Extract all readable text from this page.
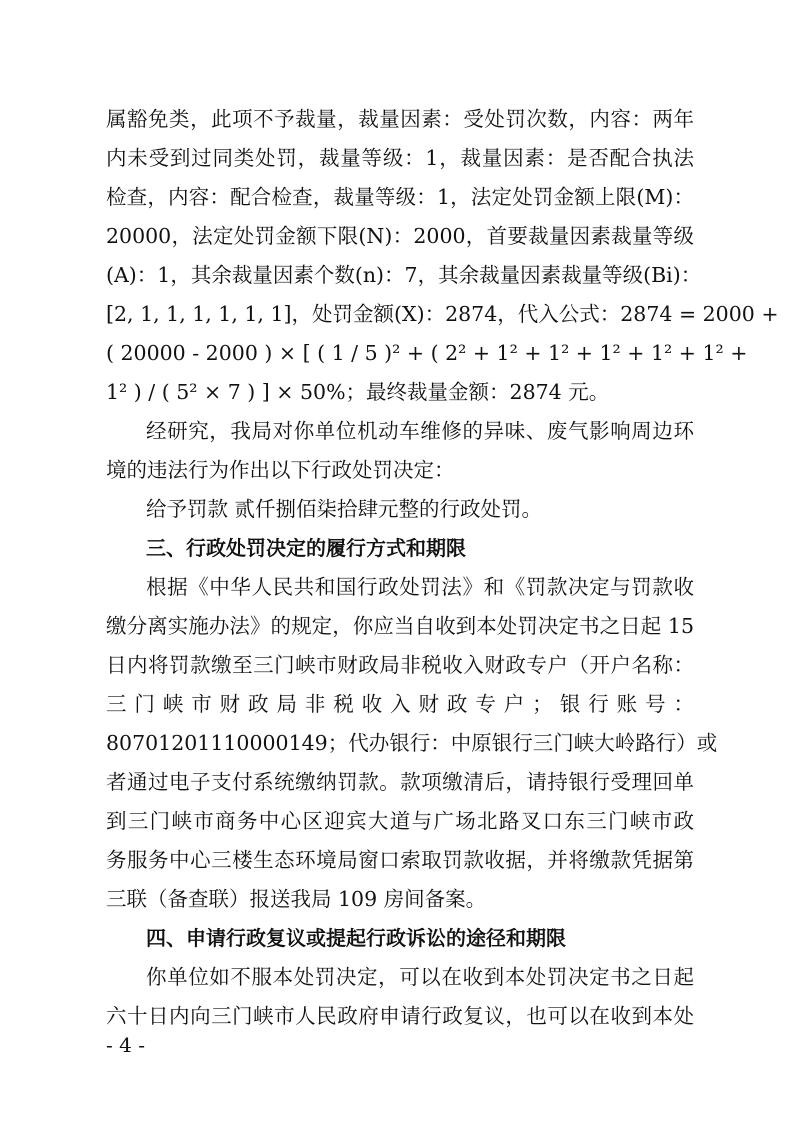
属豁免类，此项不予裁量，裁量因素：受处罚次数，内容：两年
内未受到过同类处罚，裁量等级：1，裁量因素：是否配合执法
检查，内容：配合检查，裁量等级：1，法定处罚金额上限(M)：
20000，法定处罚金额下限(N)：2000，首要裁量因素裁量等级
(A)：1，其余裁量因素个数(n)：7，其余裁量因素裁量等级(Bi)：
[2, 1, 1, 1, 1, 1, 1]，处罚金额(X)：2874，代入公式：2874 = 2000 +
( 20000 - 2000 ) × [ ( 1 / 5 )² + ( 2² + 1² + 1² + 1² + 1² + 1² +
1² ) / ( 5² × 7 ) ] × 50%；最终裁量金额：2874 元。
经研究，我局对你单位机动车维修的异味、废气影响周边环
境的违法行为作出以下行政处罚决定：
给予罚款 贰仟捌佰柒拾肆元整的行政处罚。
三、行政处罚决定的履行方式和期限
根据《中华人民共和国行政处罚法》和《罚款决定与罚款收
缴分离实施办法》的规定，你应当自收到本处罚决定书之日起 15
日内将罚款缴至三门峡市财政局非税收入财政专户（开户名称：
三 门 峡 市 财 政 局 非 税 收 入 财 政 专 户 ； 银 行 账 号 ：
80701201110000149；代办银行：中原银行三门峡大岭路行）或
者通过电子支付系统缴纳罚款。款项缴清后，请持银行受理回单
到三门峡市商务中心区迎宾大道与广场北路叉口东三门峡市政
务服务中心三楼生态环境局窗口索取罚款收据，并将缴款凭据第
三联（备查联）报送我局 109 房间备案。
四、申请行政复议或提起行政诉讼的途径和期限
你单位如不服本处罚决定，可以在收到本处罚决定书之日起
六十日内向三门峡市人民政府申请行政复议，也可以在收到本处
- 4 -
